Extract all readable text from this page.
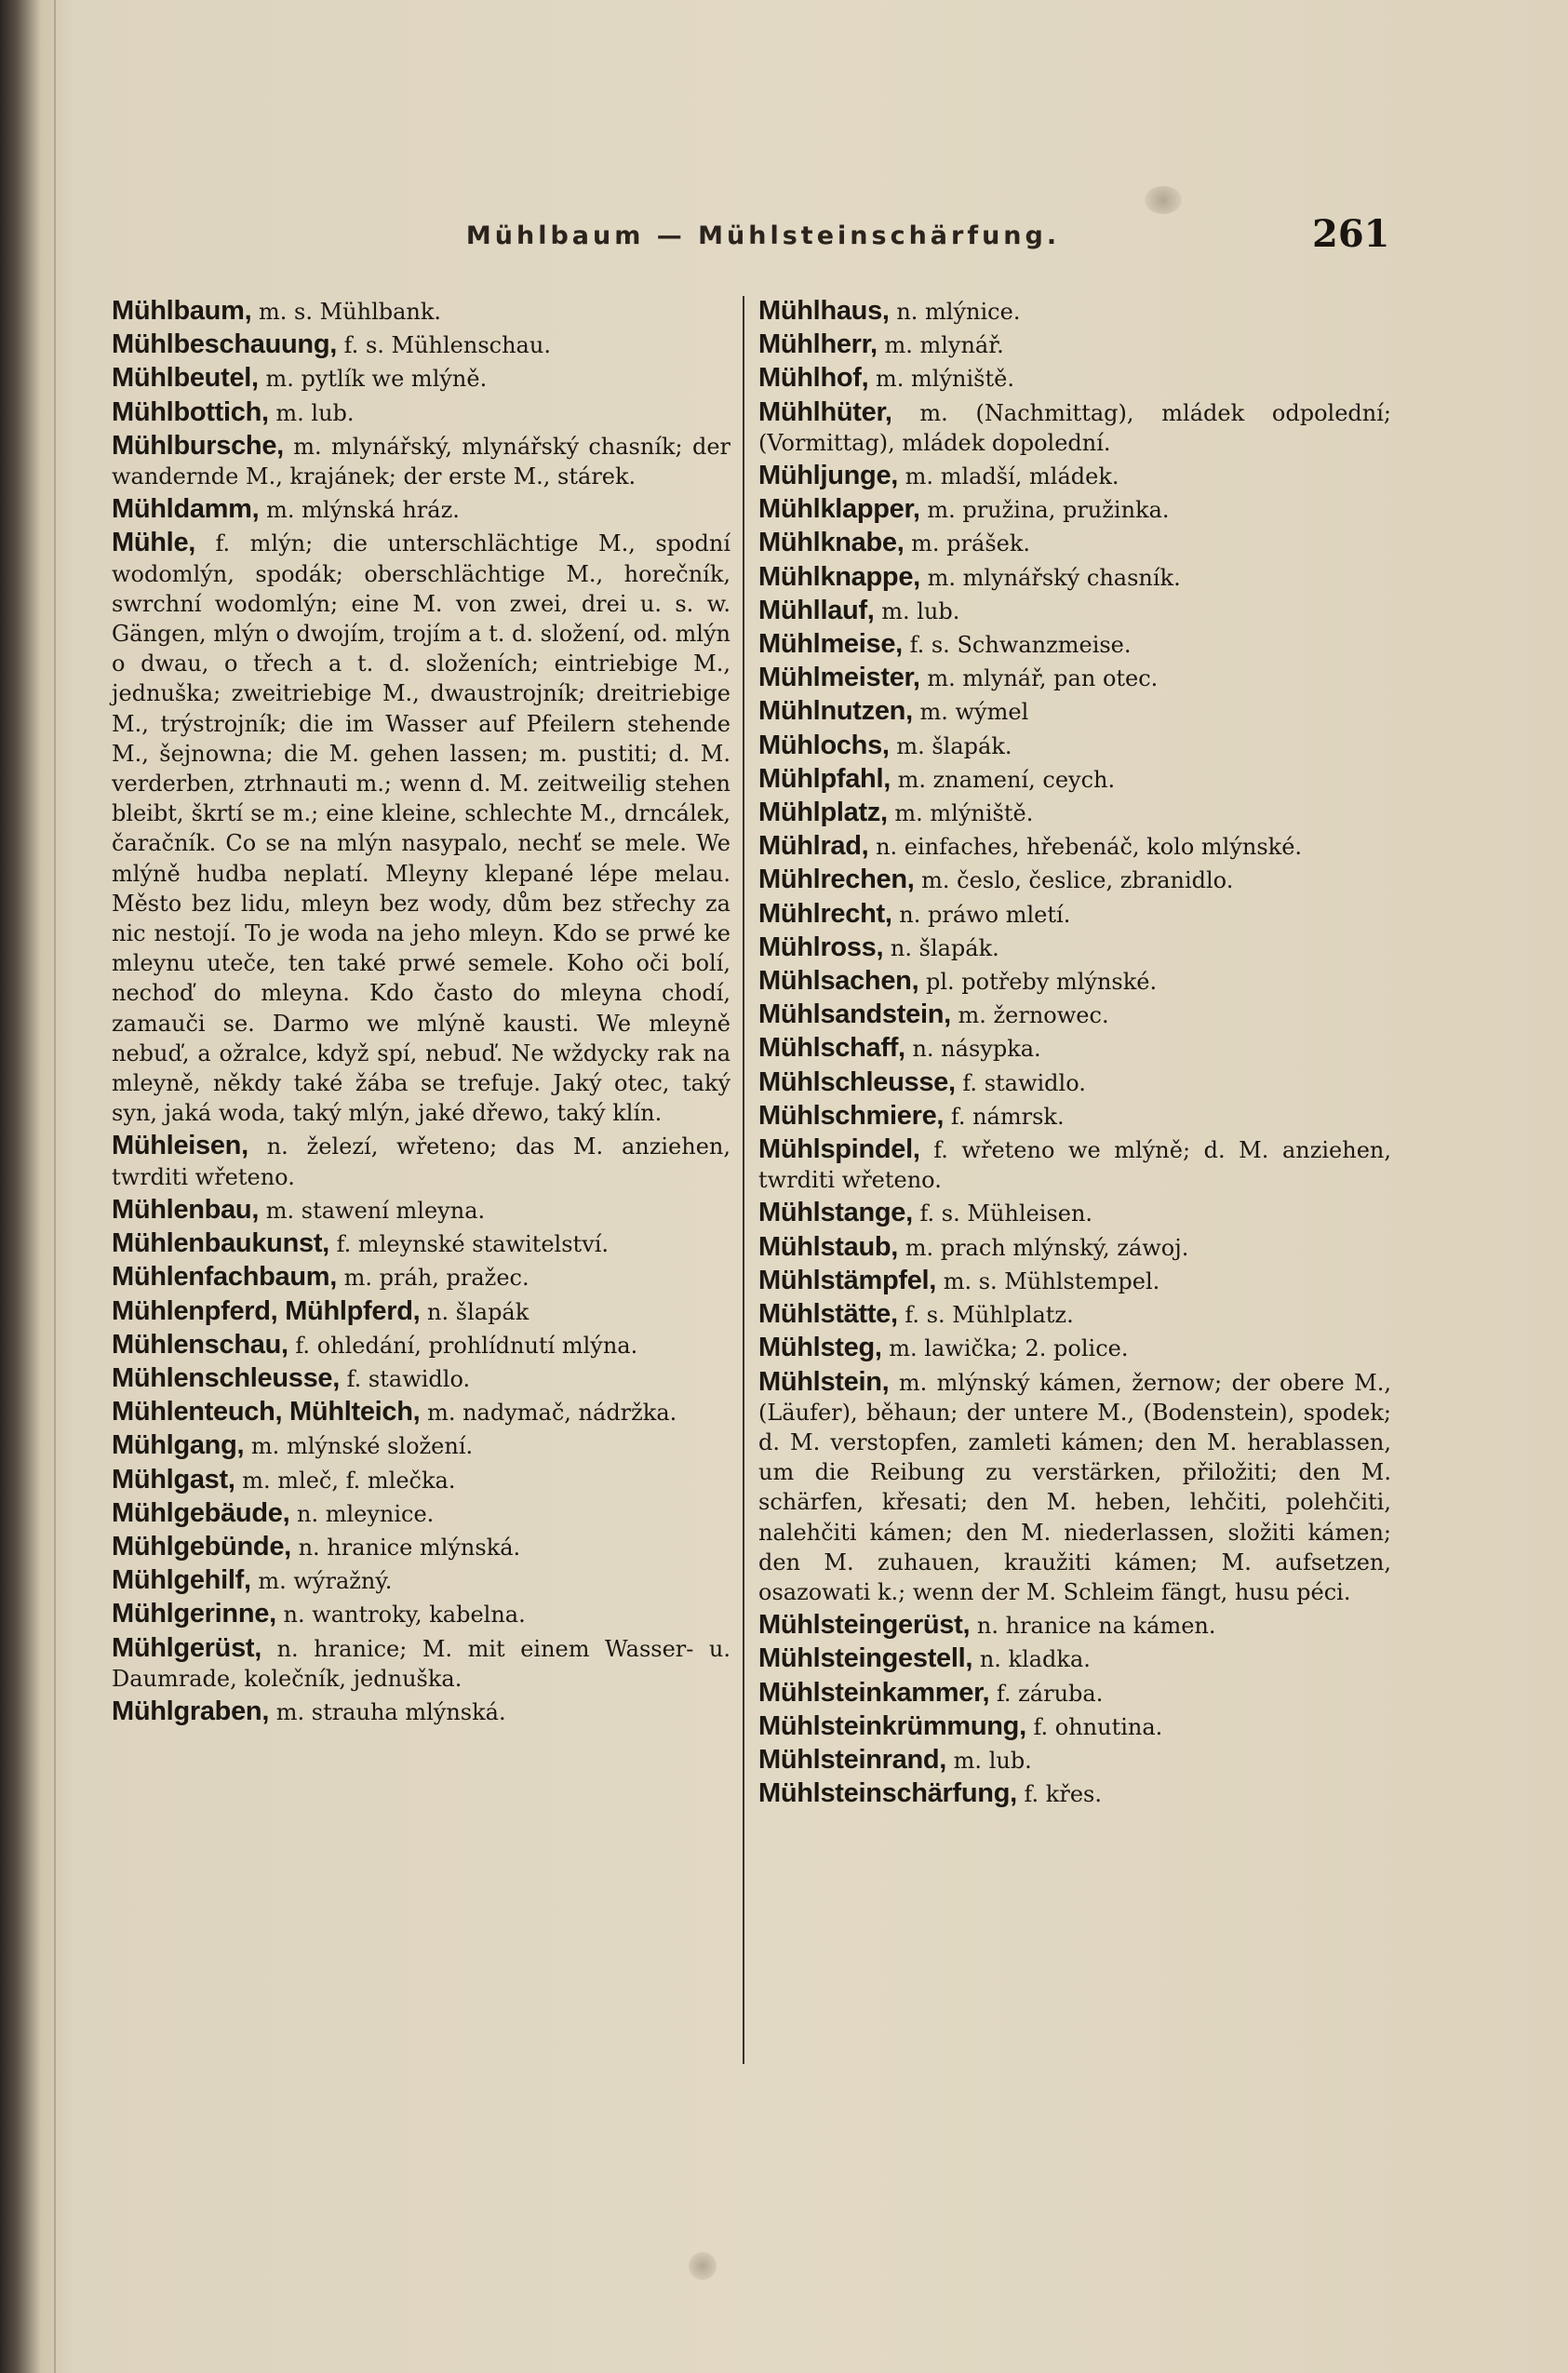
Mühlbaum — Mühlsteinschärfung.	261
Mühlbaum, m. s. Mühlbank.
Mühlbeschauung, f. s. Mühlenschau.
Mühlbeutel, m. pytlík we mlýně.
Mühlbottich, m. lub.
Mühlbursche, m. mlynářský, mlynářský chasník; der wandernde M., krajánek; der erste M., stárek.
Mühldamm, m. mlýnská hráz.
Mühle, f. mlýn; die unterschlächtige M., spodní wodomlýn, spodák; oberschlächtige M., horečník, swrchní wodomlýn; eine M. von zwei, drei u. s. w. Gängen, mlýn o dwojím, trojím a t. d. složení, od. mlýn o dwau, o třech a t. d. složeních; eintriebige M., jednuška; zweitriebige M., dwaustrojník; dreitriebige M., trýstrojník; die im Wasser auf Pfeilern stehende M., šejnowna; die M. gehen lassen; m. pustiti; d. M. verderben, ztrhnauti m.; wenn d. M. zeitweilig stehen bleibt, škrtí se m.; eine kleine, schlechte M., drncálek, čaračník. Co se na mlýn nasypalo, nechť se mele. We mlýně hudba neplatí. Mleyny klepané lépe melau. Město bez lidu, mleyn bez wody, dům bez střechy za nic nestojí. To je woda na jeho mleyn. Kdo se prwé ke mleynu uteče, ten také prwé semele. Koho oči bolí, nechoď do mleyna. Kdo často do mleyna chodí, zamauči se. Darmo we mlýně kausti. We mleyně nebuď, a ožralce, když spí, nebuď. Ne wždycky rak na mleyně, někdy také žába se trefuje. Jaký otec, taký syn, jaká woda, taký mlýn, jaké dřewo, taký klín.
Mühleisen, n. železí, wřeteno; das M. anziehen, twrditi wřeteno.
Mühlenbau, m. stawení mleyna.
Mühlenbaukunst, f. mleynské stawitelství.
Mühlenfachbaum, m. práh, pražec.
Mühlenpferd, Mühlpferd, n. šlapák
Mühlenschau, f. ohledání, prohlídnutí mlýna.
Mühlenschleusse, f. stawidlo.
Mühlenteuch, Mühlteich, m. nadymač, nádržka.
Mühlgang, m. mlýnské složení.
Mühlgast, m. mleč, f. mlečka.
Mühlgebäude, n. mleynice.
Mühlgebünde, n. hranice mlýnská.
Mühlgehilf, m. wýražný.
Mühlgerinne, n. wantroky, kabelna.
Mühlgerüst, n. hranice; M. mit einem Wasser- u. Daumrade, kolečník, jednuška.
Mühlgraben, m. strauha mlýnská.
Mühlhaus, n. mlýnice.
Mühlherr, m. mlynář.
Mühlhof, m. mlýniště.
Mühlhüter, m. (Nachmittag), mládek odpolední; (Vormittag), mládek dopolední.
Mühljunge, m. mladší, mládek.
Mühlklapper, m. pružina, pružinka.
Mühlknabe, m. prášek.
Mühlknappe, m. mlynářský chasník.
Mühllauf, m. lub.
Mühlmeise, f. s. Schwanzmeise.
Mühlmeister, m. mlynář, pan otec.
Mühlnutzen, m. wýmel
Mühlochs, m. šlapák.
Mühlpfahl, m. znamení, ceych.
Mühlplatz, m. mlýniště.
Mühlrad, n. einfaches, hřebenáč, kolo mlýnské.
Mühlrechen, m. česlo, česlice, zbranidlo.
Mühlrecht, n. práwo mletí.
Mühlross, n. šlapák.
Mühlsachen, pl. potřeby mlýnské.
Mühlsandstein, m. žernowec.
Mühlschaff, n. násypka.
Mühlschleusse, f. stawidlo.
Mühlschmiere, f. námrsk.
Mühlspindel, f. wřeteno we mlýně; d. M. anziehen, twrditi wřeteno.
Mühlstange, f. s. Mühleisen.
Mühlstaub, m. prach mlýnský, záwoj.
Mühlstämpfel, m. s. Mühlstempel.
Mühlstätte, f. s. Mühlplatz.
Mühlsteg, m. lawička; 2. police.
Mühlstein, m. mlýnský kámen, žernow; der obere M., (Läufer), běhaun; der untere M., (Bodenstein), spodek; d. M. verstopfen, zamleti kámen; den M. herablassen, um die Reibung zu verstärken, přiložiti; den M. schärfen, křesati; den M. heben, lehčiti, polehčiti, nalehčiti kámen; den M. niederlassen, složiti kámen; den M. zuhauen, kraužiti kámen; M. aufsetzen, osazowati k.; wenn der M. Schleim fängt, husu péci.
Mühlsteingerüst, n. hranice na kámen.
Mühlsteingestell, n. kladka.
Mühlsteinkammer, f. záruba.
Mühlsteinkrümmung, f. ohnutina.
Mühlsteinrand, m. lub.
Mühlsteinschärfung, f. křes.
